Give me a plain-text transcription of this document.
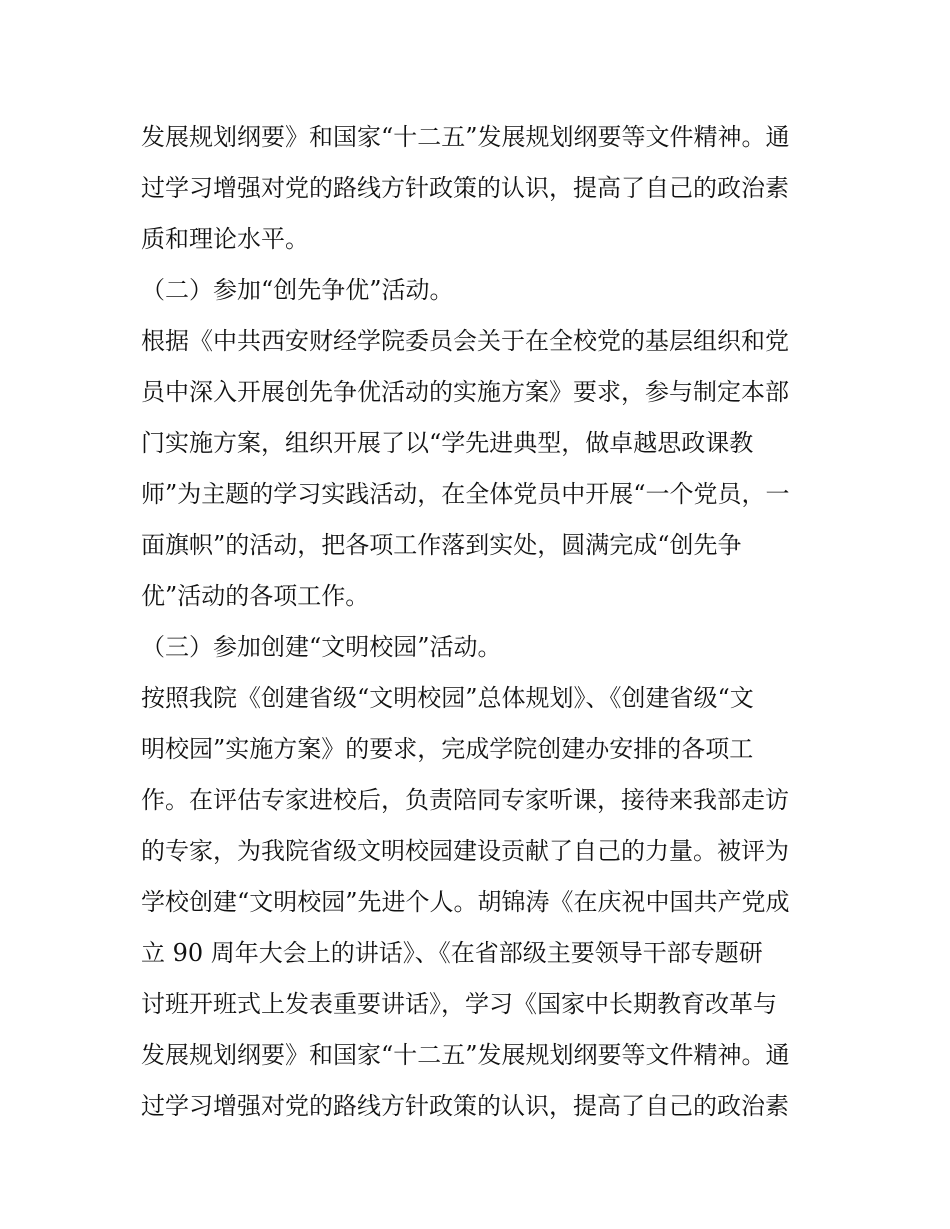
发展规划纲要》和国家“十二五”发展规划纲要等文件精神。通
过学习增强对党的路线方针政策的认识，提高了自己的政治素
质和理论水平。
（二）参加“创先争优”活动。
根据《中共西安财经学院委员会关于在全校党的基层组织和党
员中深入开展创先争优活动的实施方案》要求，参与制定本部
门实施方案，组织开展了以“学先进典型，做卓越思政课教
师”为主题的学习实践活动，在全体党员中开展“一个党员，一
面旗帜”的活动，把各项工作落到实处，圆满完成“创先争
优”活动的各项工作。
（三）参加创建“文明校园”活动。
按照我院《创建省级“文明校园”总体规划》、《创建省级“文
明校园”实施方案》的要求，完成学院创建办安排的各项工
作。在评估专家进校后，负责陪同专家听课，接待来我部走访
的专家，为我院省级文明校园建设贡献了自己的力量。被评为
学校创建“文明校园”先进个人。胡锦涛《在庆祝中国共产党成
立 90 周年大会上的讲话》、《在省部级主要领导干部专题研
讨班开班式上发表重要讲话》，学习《国家中长期教育改革与
发展规划纲要》和国家“十二五”发展规划纲要等文件精神。通
过学习增强对党的路线方针政策的认识，提高了自己的政治素
